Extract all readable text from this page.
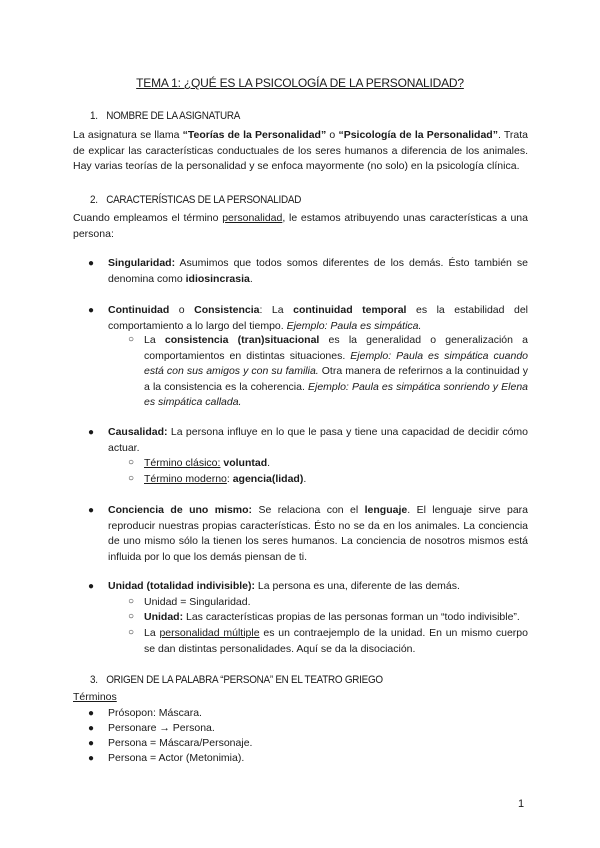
TEMA 1: ¿QUÉ ES LA PSICOLOGÍA DE LA PERSONALIDAD?
1. NOMBRE DE LA ASIGNATURA
La asignatura se llama “Teorías de la Personalidad” o “Psicología de la Personalidad”. Trata de explicar las características conductuales de los seres humanos a diferencia de los animales. Hay varias teorías de la personalidad y se enfoca mayormente (no solo) en la psicología clínica.
2. CARACTERÍSTICAS DE LA PERSONALIDAD
Cuando empleamos el término personalidad, le estamos atribuyendo unas características a una persona:
● Singularidad: Asumimos que todos somos diferentes de los demás. Ésto también se denomina como idiosincrasia.
● Continuidad o Consistencia: La continuidad temporal es la estabilidad del comportamiento a lo largo del tiempo. Ejemplo: Paula es simpática.
○ La consistencia (tran)situacional es la generalidad o generalización a comportamientos en distintas situaciones. Ejemplo: Paula es simpática cuando está con sus amigos y con su familia. Otra manera de referirnos a la continuidad y a la consistencia es la coherencia. Ejemplo: Paula es simpática sonriendo y Elena es simpática callada.
● Causalidad: La persona influye en lo que le pasa y tiene una capacidad de decidir cómo actuar.
○ Término clásico: voluntad.
○ Término moderno: agencia(lidad).
● Conciencia de uno mismo: Se relaciona con el lenguaje. El lenguaje sirve para reproducir nuestras propias características. Ésto no se da en los animales. La conciencia de uno mismo sólo la tienen los seres humanos. La conciencia de nosotros mismos está influida por lo que los demás piensan de ti.
● Unidad (totalidad indivisible): La persona es una, diferente de las demás.
○ Unidad = Singularidad.
○ Unidad: Las características propias de las personas forman un “todo indivisible”.
○ La personalidad múltiple es un contraejemplo de la unidad. En un mismo cuerpo se dan distintas personalidades. Aquí se da la disociación.
3. ORIGEN DE LA PALABRA “PERSONA” EN EL TEATRO GRIEGO
Términos
● Prósopon: Máscara.
● Personare → Persona.
● Persona = Máscara/Personaje.
● Persona = Actor (Metonimia).
1
